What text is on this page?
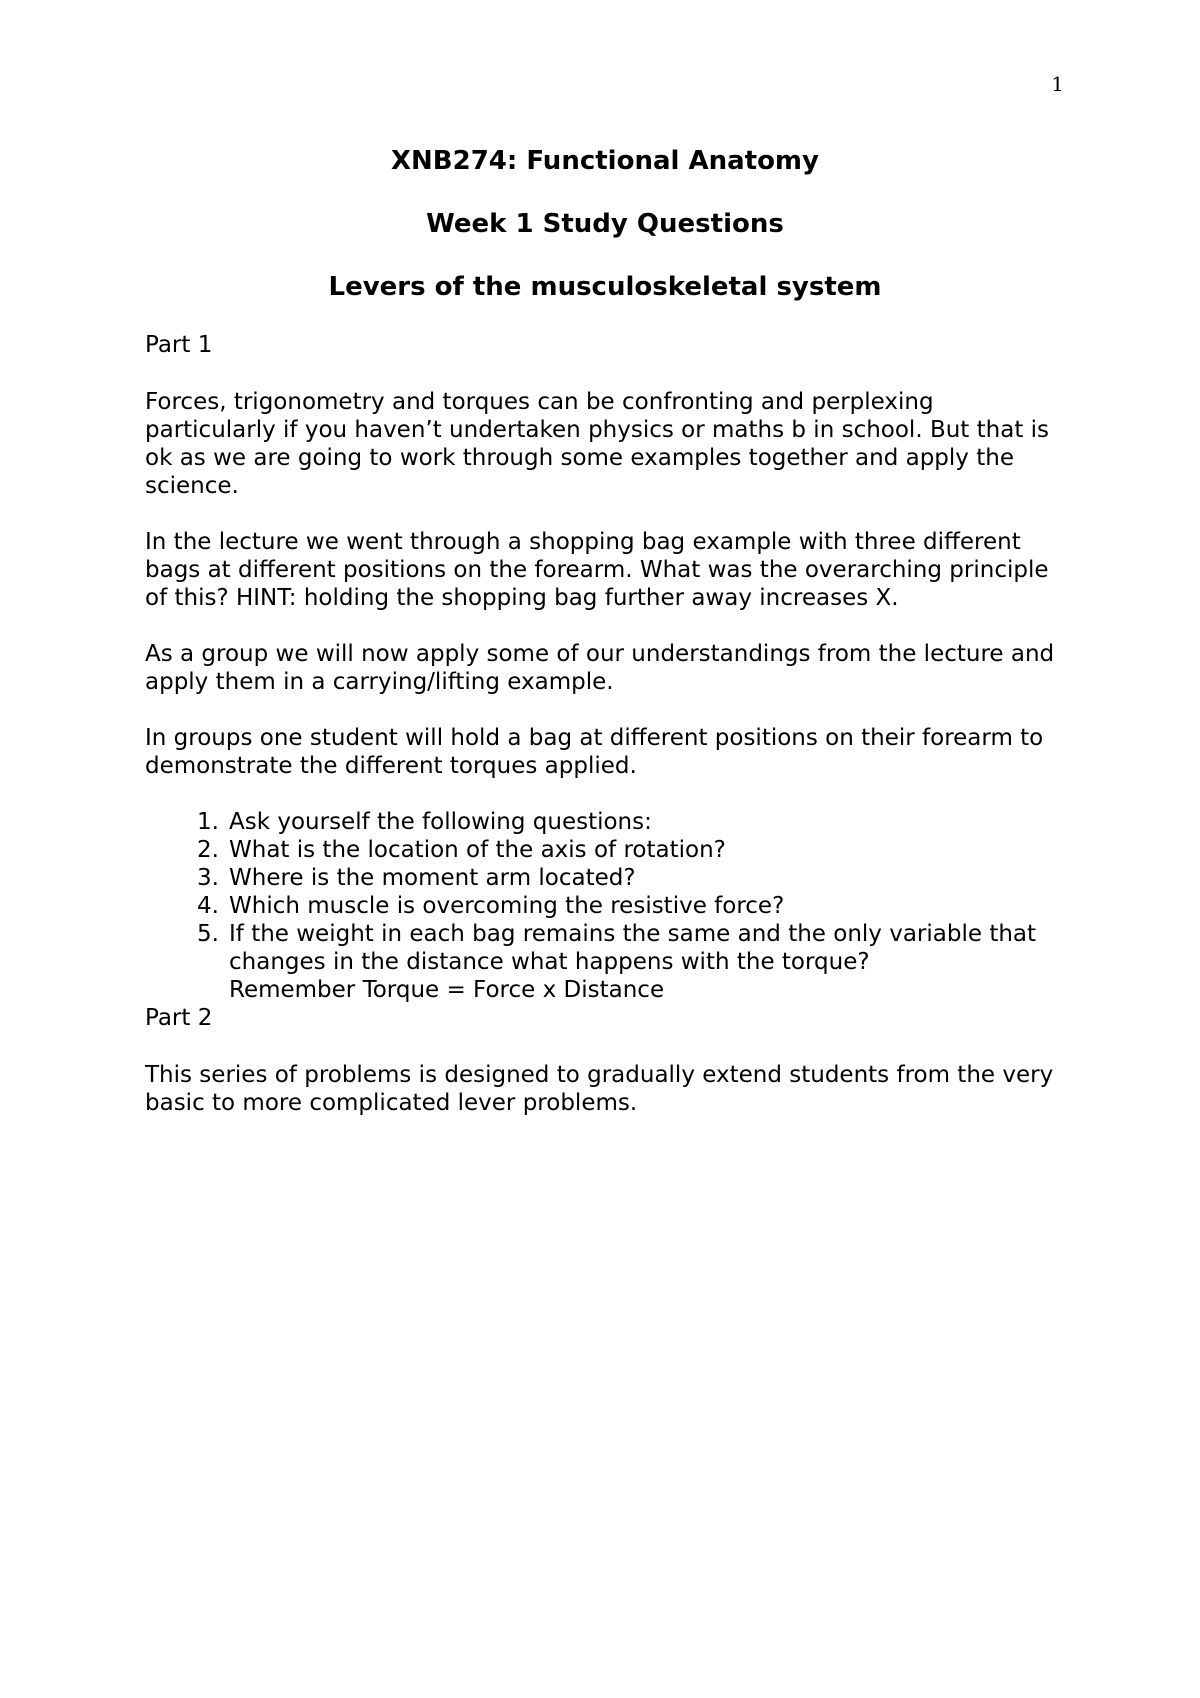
1
XNB274: Functional Anatomy
Week 1 Study Questions
Levers of the musculoskeletal system
Part 1

Forces, trigonometry and torques can be confronting and perplexing particularly if you haven’t undertaken physics or maths b in school. But that is ok as we are going to work through some examples together and apply the science.

In the lecture we went through a shopping bag example with three different bags at different positions on the forearm. What was the overarching principle of this? HINT: holding the shopping bag further away increases X.

As a group we will now apply some of our understandings from the lecture and apply them in a carrying/lifting example.

In groups one student will hold a bag at different positions on their forearm to demonstrate the different torques applied.

1. Ask yourself the following questions:
2. What is the location of the axis of rotation?
3. Where is the moment arm located?
4. Which muscle is overcoming the resistive force?
5. If the weight in each bag remains the same and the only variable that changes in the distance what happens with the torque?
Remember Torque = Force x Distance
Part 2

This series of problems is designed to gradually extend students from the very basic to more complicated lever problems.
